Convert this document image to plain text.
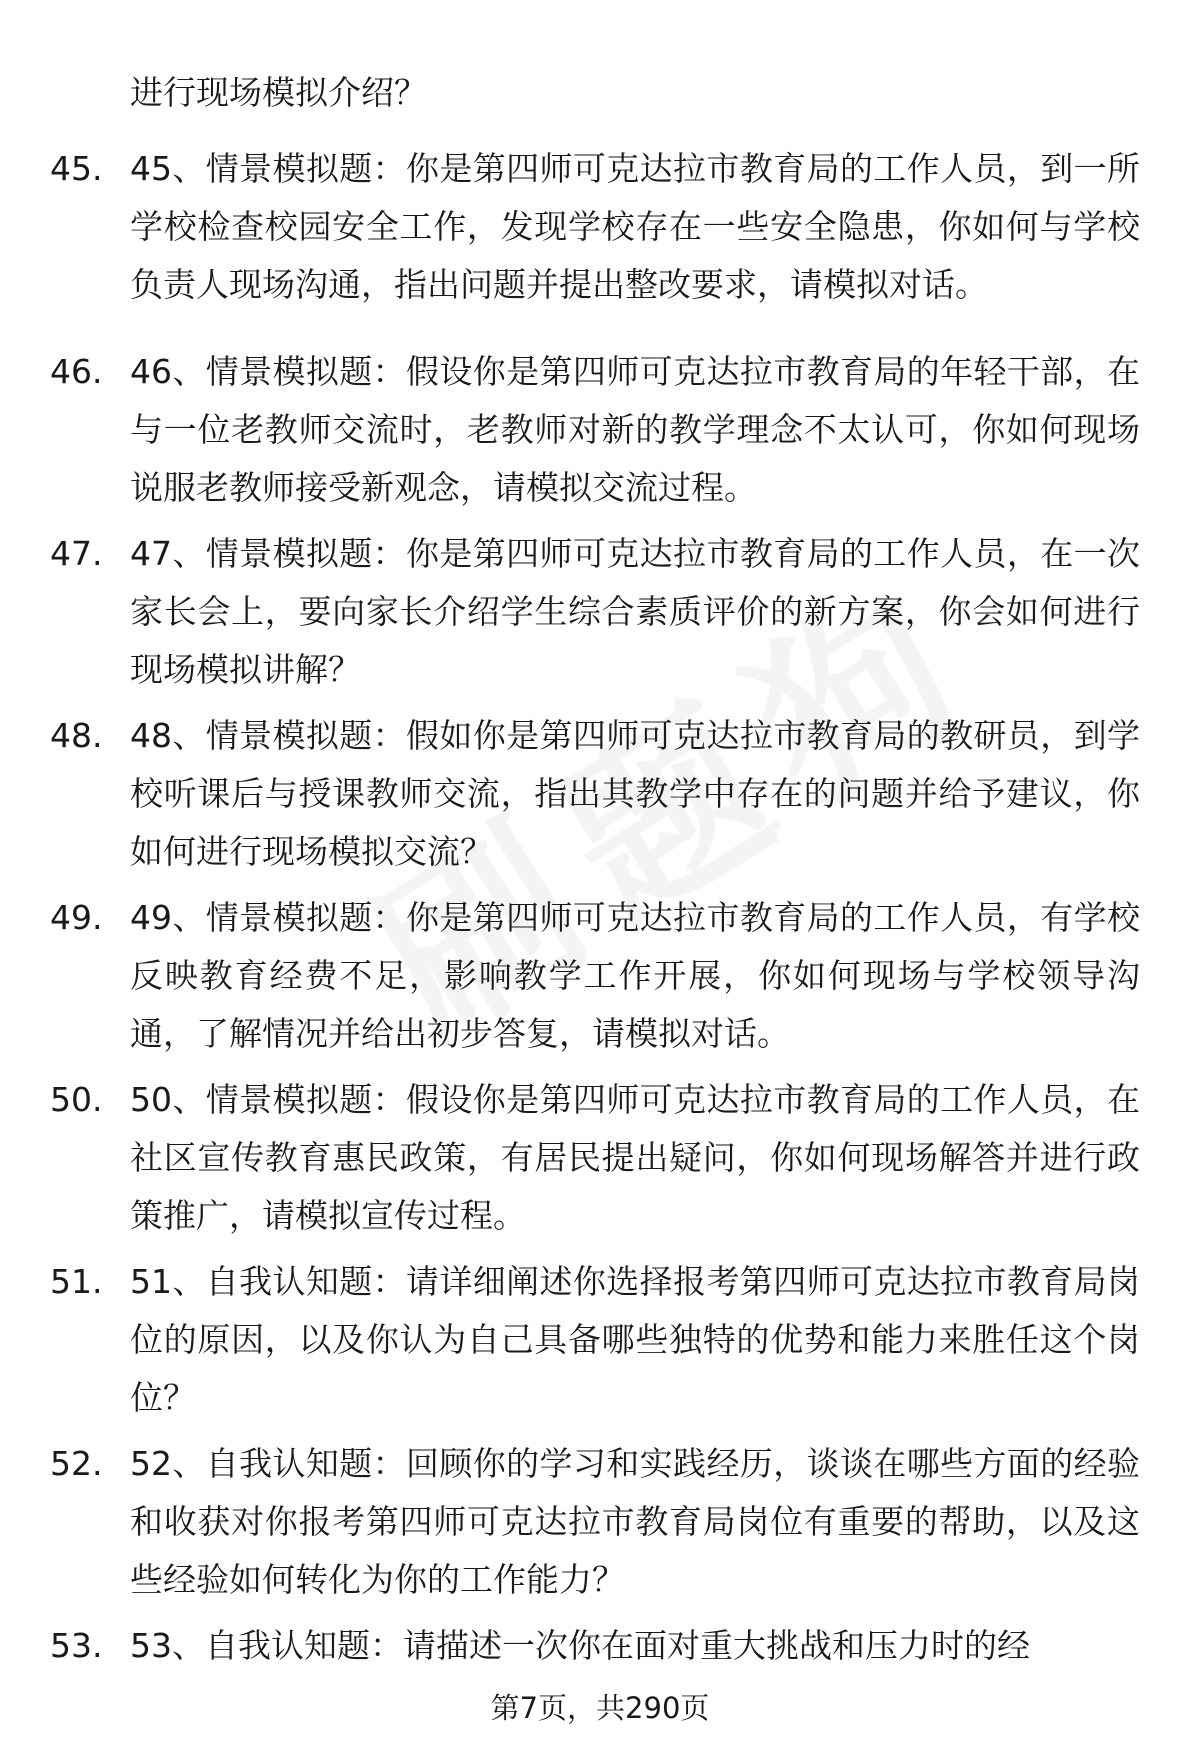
进行现场模拟介绍？
45. 45、情景模拟题：你是第四师可克达拉市教育局的工作人员，到一所学校检查校园安全工作，发现学校存在一些安全隐患，你如何与学校负责人现场沟通，指出问题并提出整改要求，请模拟对话。
46. 46、情景模拟题：假设你是第四师可克达拉市教育局的年轻干部，在与一位老教师交流时，老教师对新的教学理念不太认可，你如何现场说服老教师接受新观念，请模拟交流过程。
47. 47、情景模拟题：你是第四师可克达拉市教育局的工作人员，在一次家长会上，要向家长介绍学生综合素质评价的新方案，你会如何进行现场模拟讲解？
48. 48、情景模拟题：假如你是第四师可克达拉市教育局的教研员，到学校听课后与授课教师交流，指出其教学中存在的问题并给予建议，你如何进行现场模拟交流？
49. 49、情景模拟题：你是第四师可克达拉市教育局的工作人员，有学校反映教育经费不足，影响教学工作开展，你如何现场与学校领导沟通，了解情况并给出初步答复，请模拟对话。
50. 50、情景模拟题：假设你是第四师可克达拉市教育局的工作人员，在社区宣传教育惠民政策，有居民提出疑问，你如何现场解答并进行政策推广，请模拟宣传过程。
51. 51、自我认知题：请详细阐述你选择报考第四师可克达拉市教育局岗位的原因，以及你认为自己具备哪些独特的优势和能力来胜任这个岗位？
52. 52、自我认知题：回顾你的学习和实践经历，谈谈在哪些方面的经验和收获对你报考第四师可克达拉市教育局岗位有重要的帮助，以及这些经验如何转化为你的工作能力？
53. 53、自我认知题：请描述一次你在面对重大挑战和压力时的经
第7页，共290页
